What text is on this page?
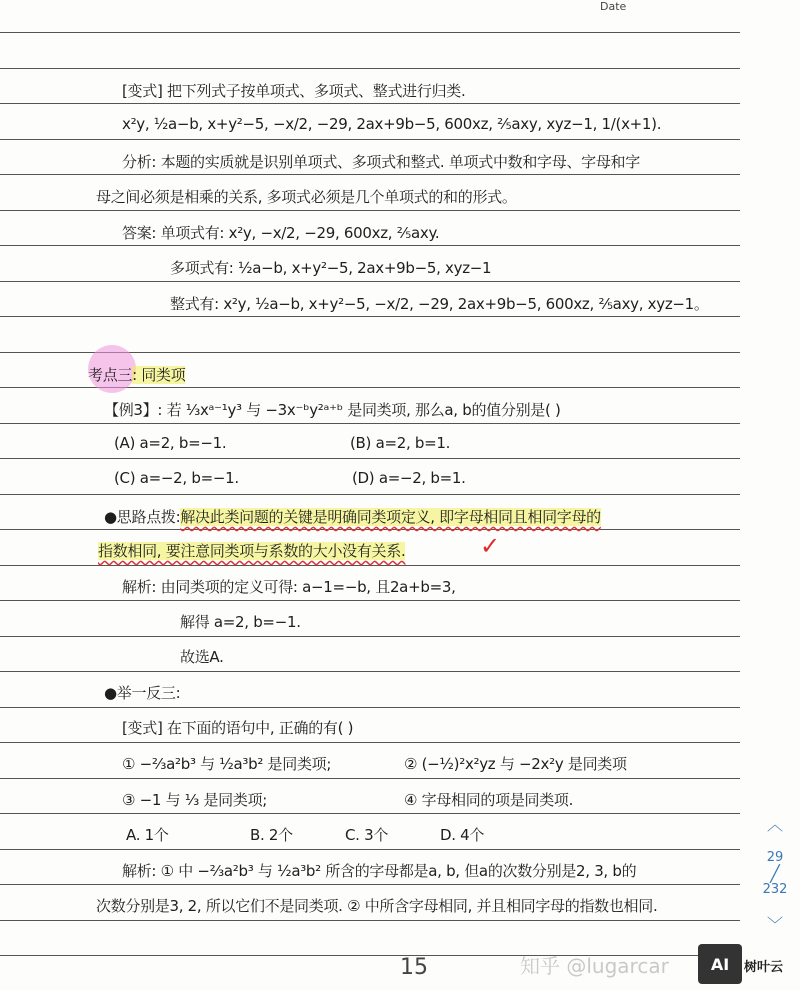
Date
[变式] 把下列式子按单项式、多项式、整式进行归类.
x²y, ½a−b, x+y²−5, −x/2, −29, 2ax+9b−5, 600xz, ⅖axy, xyz−1, 1/(x+1).
分析: 本题的实质就是识别单项式、多项式和整式. 单项式中数和字母、字母和字
母之间必须是相乘的关系, 多项式必须是几个单项式的和的形式。
答案: 单项式有: x²y, −x/2, −29, 600xz, ⅖axy.
多项式有: ½a−b, x+y²−5, 2ax+9b−5, xyz−1
整式有: x²y, ½a−b, x+y²−5, −x/2, −29, 2ax+9b−5, 600xz, ⅖axy, xyz−1。
考点三: 同类项
【例3】: 若 ⅓xᵃ⁻¹y³ 与 −3x⁻ᵇy²ᵃ⁺ᵇ 是同类项, 那么a, b的值分别是( )
(A) a=2, b=−1.	(B) a=2, b=1.
(C) a=−2, b=−1.	(D) a=−2, b=1.
●思路点拨:解决此类问题的关键是明确同类项定义, 即字母相同且相同字母的
指数相同, 要注意同类项与系数的大小没有关系.	✓
解析: 由同类项的定义可得: a−1=−b, 且2a+b=3,
解得 a=2, b=−1.
故选A.
●举一反三:
[变式] 在下面的语句中, 正确的有( )
① −⅔a²b³ 与 ½a³b² 是同类项;	② (−½)²x²yz 与 −2x²y 是同类项
③ −1 与 ⅓ 是同类项;	④ 字母相同的项是同类项.
A. 1个	B. 2个	C. 3个	D. 4个
解析: ① 中 −⅔a²b³ 与 ½a³b² 所含的字母都是a, b, 但a的次数分别是2, 3, b的
次数分别是3, 2, 所以它们不是同类项. ② 中所含字母相同, 并且相同字母的指数也相同.
15	知乎 @lugarcar	AI	树叶云
︿
29
╱
232
﹀
